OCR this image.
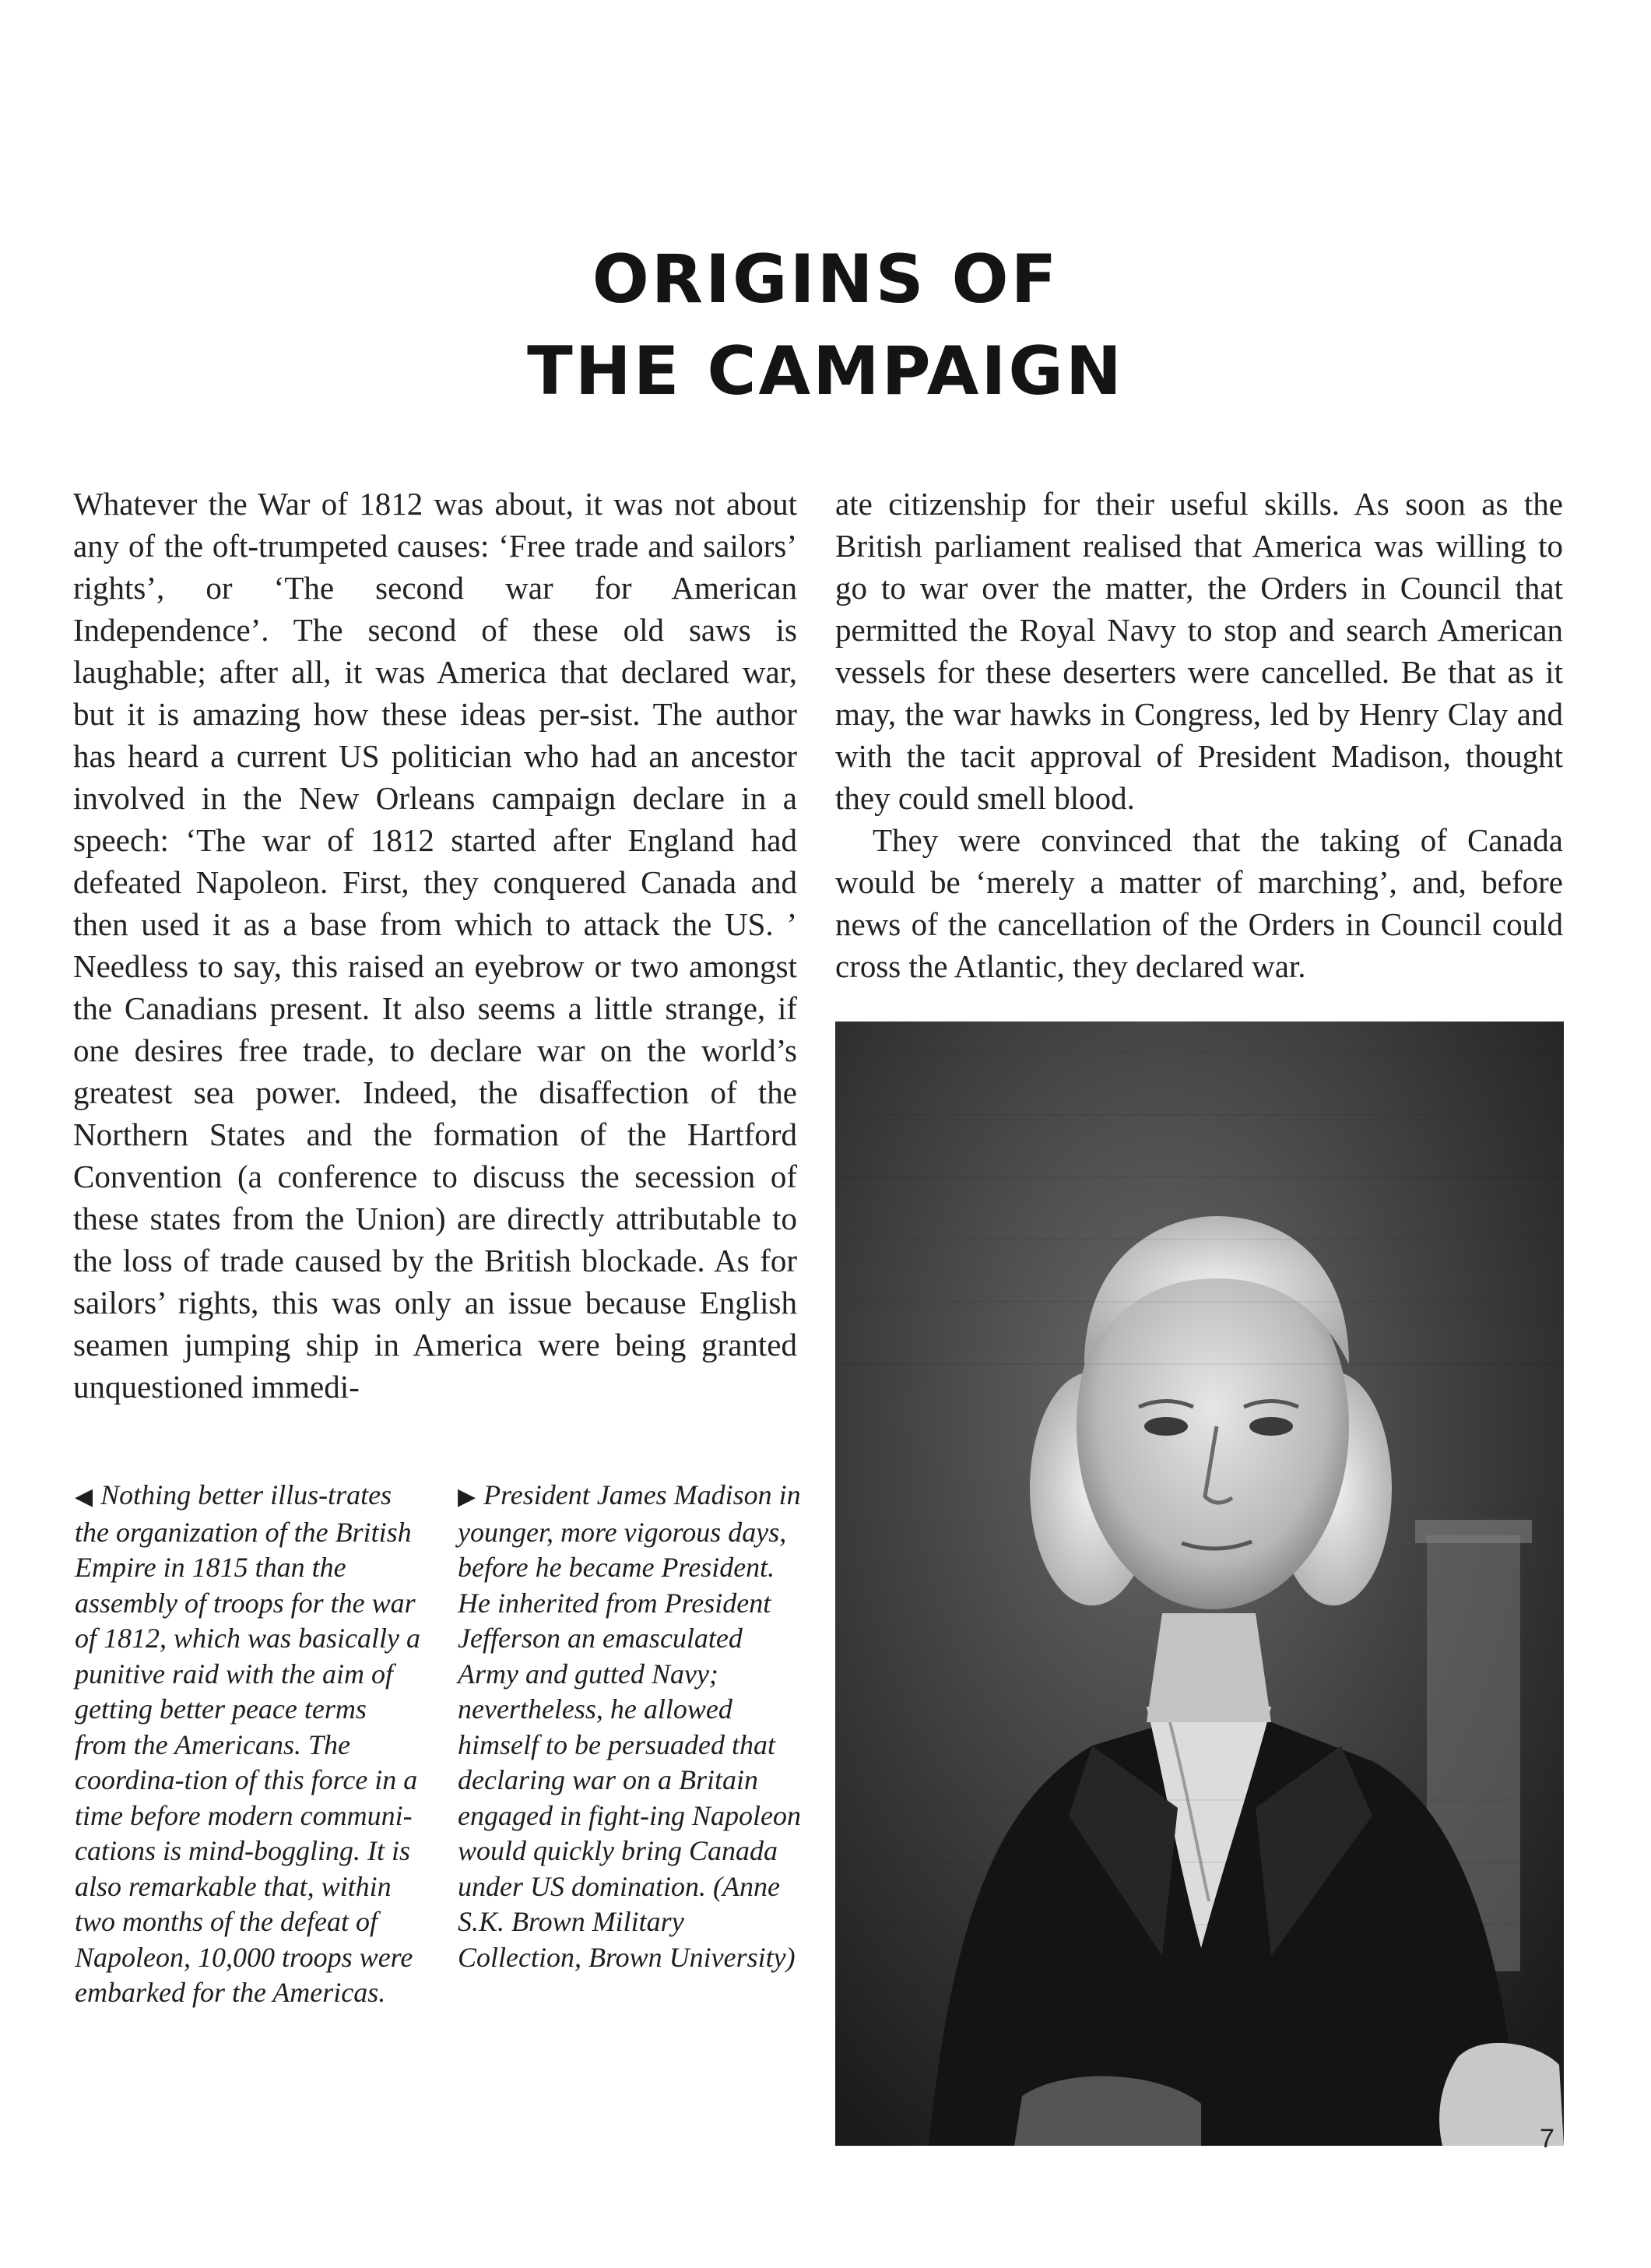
ORIGINS OF
THE CAMPAIGN

Whatever the War of 1812 was about, it was not about any of the oft-trumpeted causes: ‘Free trade and sailors’ rights’, or ‘The second war for American Independence’. The second of these old saws is laughable; after all, it was America that declared war, but it is amazing how these ideas per-sist. The author has heard a current US politician who had an ancestor involved in the New Orleans campaign declare in a speech: ‘The war of 1812 started after England had defeated Napoleon. First, they conquered Canada and then used it as a base from which to attack the US. ’ Needless to say, this raised an eyebrow or two amongst the Canadians present. It also seems a little strange, if one desires free trade, to declare war on the world’s greatest sea power. Indeed, the disaffection of the Northern States and the formation of the Hartford Convention (a conference to discuss the secession of these states from the Union) are directly attributable to the loss of trade caused by the British blockade. As for sailors’ rights, this was only an issue because English seamen jumping ship in America were being granted unquestioned immedi-

ate citizenship for their useful skills. As soon as the British parliament realised that America was willing to go to war over the matter, the Orders in Council that permitted the Royal Navy to stop and search American vessels for these deserters were cancelled. Be that as it may, the war hawks in Congress, led by Henry Clay and with the tacit approval of President Madison, thought they could smell blood.

They were convinced that the taking of Canada would be ‘merely a matter of marching’, and, before news of the cancellation of the Orders in Council could cross the Atlantic, they declared war.

◀ Nothing better illus-trates the organization of the British Empire in 1815 than the assembly of troops for the war of 1812, which was basically a punitive raid with the aim of getting better peace terms from the Americans. The coordina-tion of this force in a time before modern communi-cations is mind-boggling. It is also remarkable that, within two months of the defeat of Napoleon, 10,000 troops were embarked for the Americas.
▶ President James Madison in younger, more vigorous days, before he became President. He inherited from President Jefferson an emasculated Army and gutted Navy; nevertheless, he allowed himself to be persuaded that declaring war on a Britain engaged in fight-ing Napoleon would quickly bring Canada under US domination. (Anne S.K. Brown Military Collection, Brown University)
7
